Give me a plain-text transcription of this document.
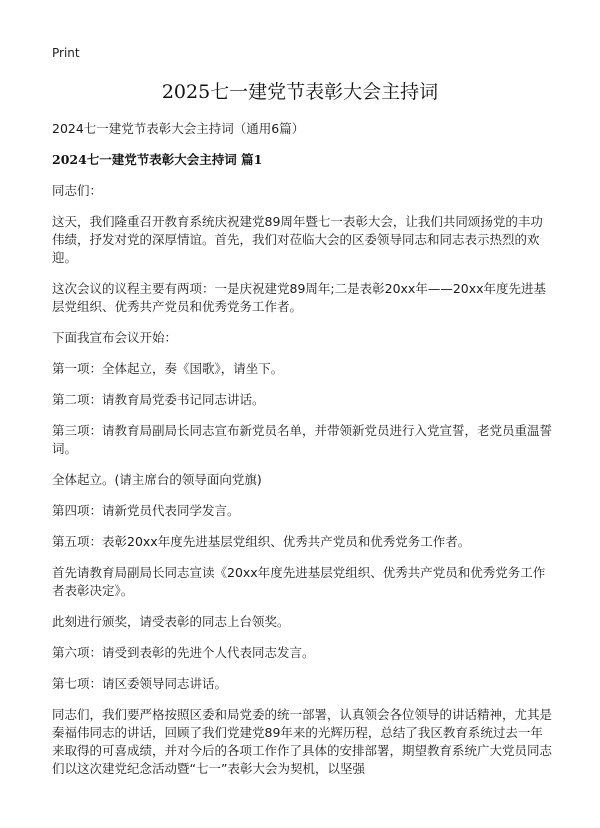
Print
2025七一建党节表彰大会主持词

2024七一建党节表彰大会主持词（通用6篇）

2024七一建党节表彰大会主持词 篇1

同志们：

这天，我们隆重召开教育系统庆祝建党89周年暨七一表彰大会，让我们共同颂扬党的丰功伟绩，抒发对党的深厚情谊。首先，我们对莅临大会的区委领导同志和同志表示热烈的欢迎。

这次会议的议程主要有两项：一是庆祝建党89周年;二是表彰20xx年——20xx年度先进基层党组织、优秀共产党员和优秀党务工作者。

下面我宣布会议开始：

第一项：全体起立，奏《国歌》，请坐下。

第二项：请教育局党委书记同志讲话。

第三项：请教育局副局长同志宣布新党员名单，并带领新党员进行入党宣誓，老党员重温誓词。

全体起立。(请主席台的领导面向党旗)

第四项：请新党员代表同学发言。

第五项：表彰20xx年度先进基层党组织、优秀共产党员和优秀党务工作者。

首先请教育局副局长同志宣读《20xx年度先进基层党组织、优秀共产党员和优秀党务工作者表彰决定》。

此刻进行颁奖，请受表彰的同志上台领奖。

第六项：请受到表彰的先进个人代表同志发言。

第七项：请区委领导同志讲话。

同志们，我们要严格按照区委和局党委的统一部署，认真领会各位领导的讲话精神，尤其是秦福伟同志的讲话，回顾了我们党建党89年来的光辉历程，总结了我区教育系统过去一年来取得的可喜成绩，并对今后的各项工作作了具体的安排部署，期望教育系统广大党员同志们以这次建党纪念活动暨“七一”表彰大会为契机，以坚强
